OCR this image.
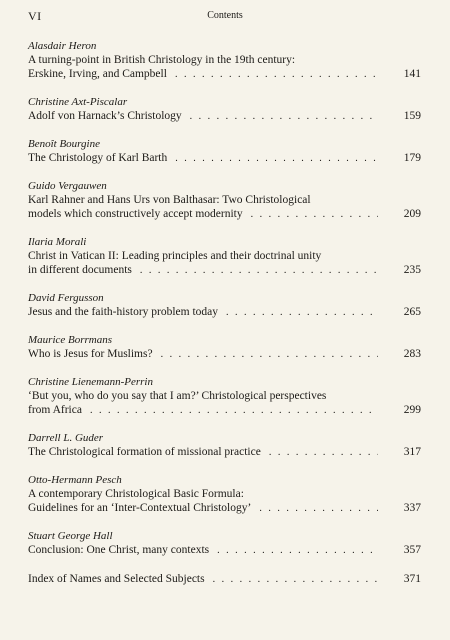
VI	Contents
Alasdair Heron
A turning-point in British Christology in the 19th century:
Erskine, Irving, and Campbell . . .	141
Christine Axt-Piscalar
Adolf von Harnack’s Christology . . .	159
Benoît Bourgine
The Christology of Karl Barth . . .	179
Guido Vergauwen
Karl Rahner and Hans Urs von Balthasar: Two Christological
models which constructively accept modernity . . .	209
Ilaria Morali
Christ in Vatican II: Leading principles and their doctrinal unity
in different documents . . .	235
David Fergusson
Jesus and the faith-history problem today . . .	265
Maurice Borrmans
Who is Jesus for Muslims? . . .	283
Christine Lienemann-Perrin
‘But you, who do you say that I am?’ Christological perspectives
from Africa . . .	299
Darrell L. Guder
The Christological formation of missional practice . . .	317
Otto-Hermann Pesch
A contemporary Christological Basic Formula:
Guidelines for an ‘Inter-Contextual Christology’ . . .	337
Stuart George Hall
Conclusion: One Christ, many contexts . . .	357
Index of Names and Selected Subjects . . .	371
